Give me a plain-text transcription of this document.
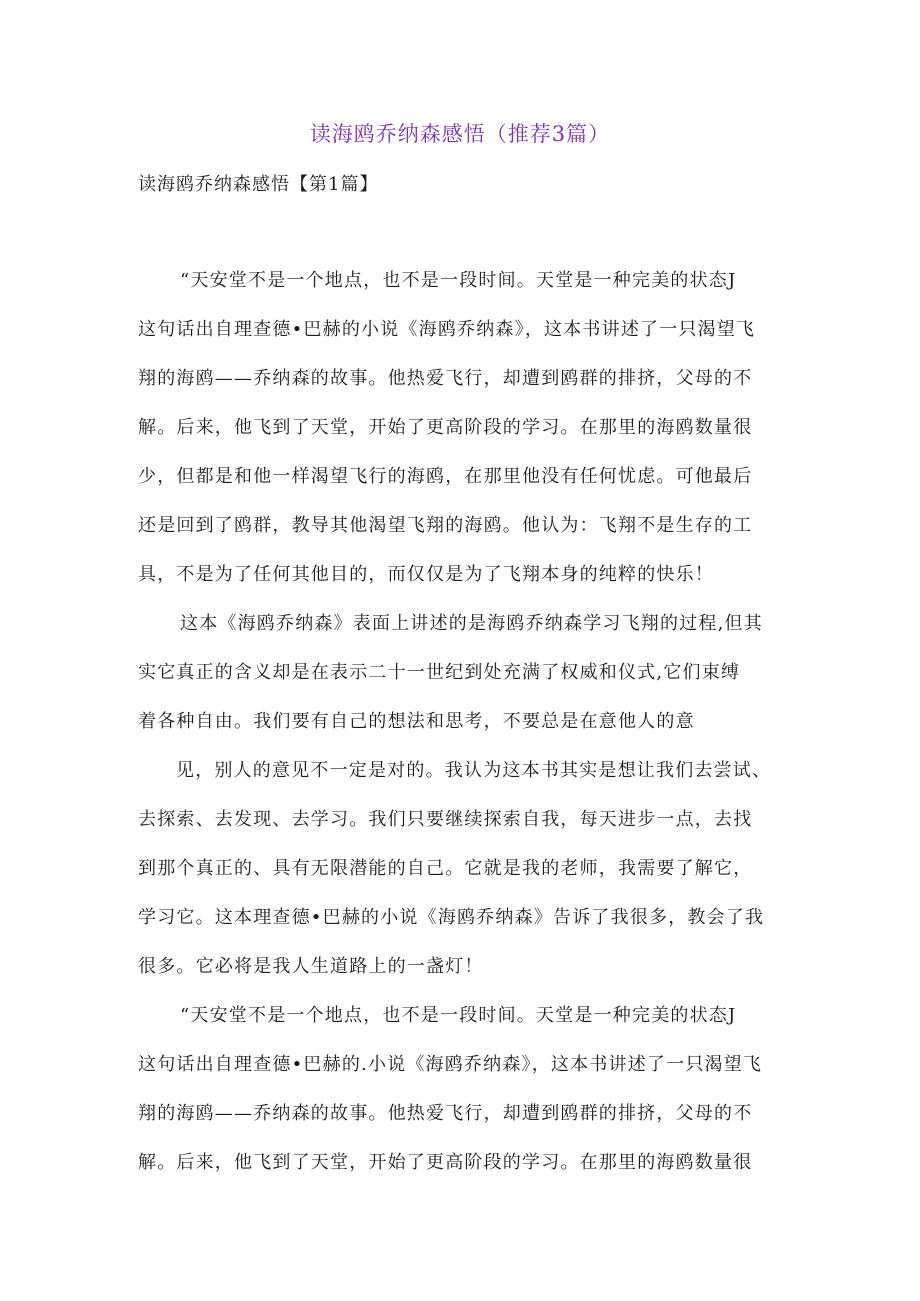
读海鸥乔纳森感悟（推荐3篇）
读海鸥乔纳森感悟【第1篇】

“天安堂不是一个地点，也不是一段时间。天堂是一种完美的状态J

这句话出自理查德•巴赫的小说《海鸥乔纳森》，这本书讲述了一只渴望飞

翔的海鸥——乔纳森的故事。他热爱飞行，却遭到鸥群的排挤，父母的不

解。后来，他飞到了天堂，开始了更高阶段的学习。在那里的海鸥数量很

少，但都是和他一样渴望飞行的海鸥，在那里他没有任何忧虑。可他最后

还是回到了鸥群，教导其他渴望飞翔的海鸥。他认为：飞翔不是生存的工

具，不是为了任何其他目的，而仅仅是为了飞翔本身的纯粹的快乐！

这本《海鸥乔纳森》表面上讲述的是海鸥乔纳森学习飞翔的过程,但其

实它真正的含义却是在表示二十一世纪到处充满了权威和仪式,它们束缚

着各种自由。我们要有自己的想法和思考，不要总是在意他人的意

见，别人的意见不一定是对的。我认为这本书其实是想让我们去尝试、

去探索、去发现、去学习。我们只要继续探索自我，每天进步一点，去找

到那个真正的、具有无限潜能的自己。它就是我的老师，我需要了解它，

学习它。这本理查德•巴赫的小说《海鸥乔纳森》告诉了我很多，教会了我

很多。它必将是我人生道路上的一盏灯！

“天安堂不是一个地点，也不是一段时间。天堂是一种完美的状态J

这句话出自理查德•巴赫的.小说《海鸥乔纳森》，这本书讲述了一只渴望飞

翔的海鸥——乔纳森的故事。他热爱飞行，却遭到鸥群的排挤，父母的不

解。后来，他飞到了天堂，开始了更高阶段的学习。在那里的海鸥数量很
